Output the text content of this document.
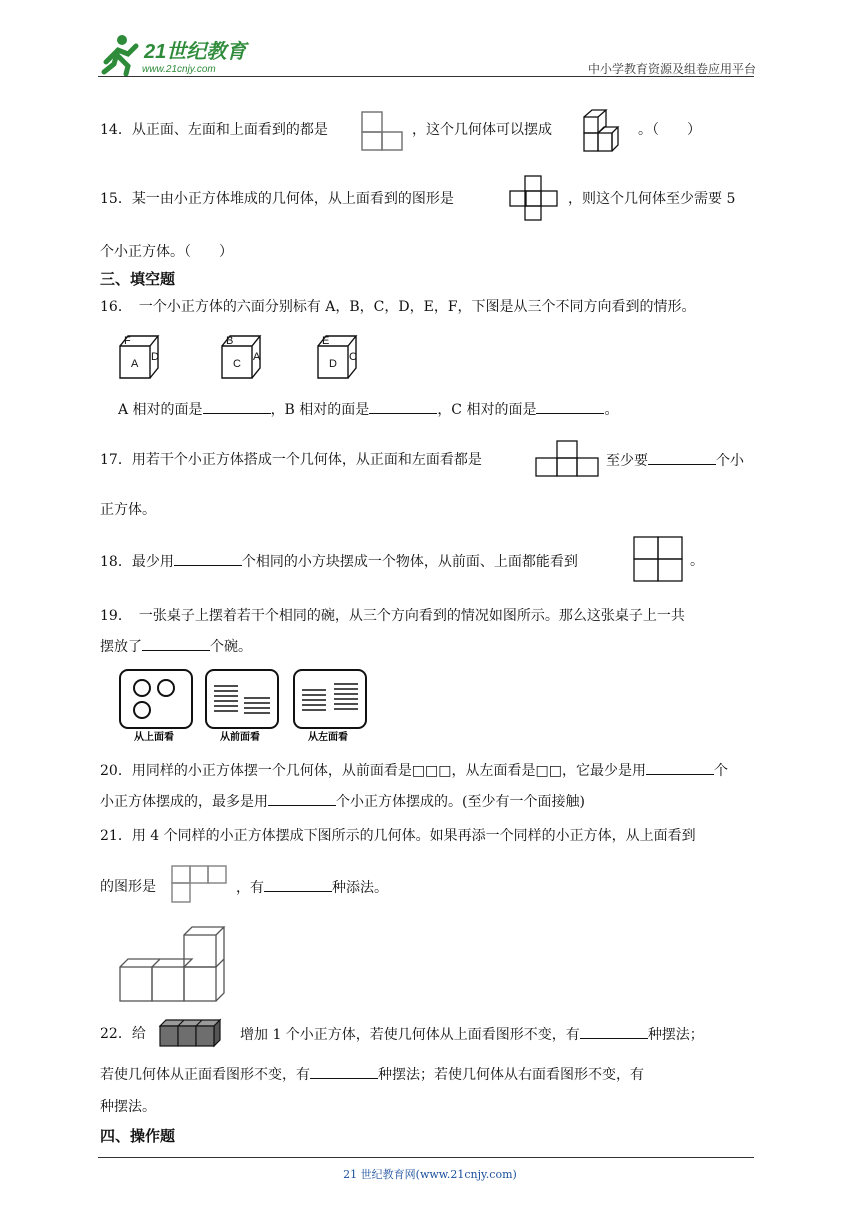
21世纪教育
www.21cnjy.com	中小学教育资源及组卷应用平台
14．从正面、左面和上面看到的都是	，这个几何体可以摆成	。（　　）
15．某一由小正方体堆成的几何体，从上面看到的图形是	，则这个几何体至少需要 5
个小正方体。（　　）
三、填空题
16．　一个小正方体的六面分别标有 A，B，C，D，E，F，下图是从三个不同方向看到的情形。
F
A
D
B
C
A
E
D
C
A 相对的面是	，B 相对的面是	，C 相对的面是	。
17．用若干个小正方体搭成一个几何体，从正面和左面看都是	至少要	个小
正方体。
18．最少用	个相同的小方块摆成一个物体，从前面、上面都能看到	。
19．　一张桌子上摆着若干个相同的碗，从三个方向看到的情况如图所示。那么这张桌子上一共
摆放了	个碗。
从上面看	从前面看	从左面看
20．用同样的小正方体摆一个几何体，从前面看是□□□，从左面看是□□，它最少是用	个
小正方体摆成的，最多是用	个小正方体摆成的。(至少有一个面接触)
21．用 4 个同样的小正方体摆成下图所示的几何体。如果再添一个同样的小正方体，从上面看到
的图形是	，有	种添法。
22．给	增加 1 个小正方体，若使几何体从上面看图形不变，有	种摆法；
若使几何体从正面看图形不变，有	种摆法；若使几何体从右面看图形不变，有
种摆法。
四、操作题
21 世纪教育网(www.21cnjy.com)
